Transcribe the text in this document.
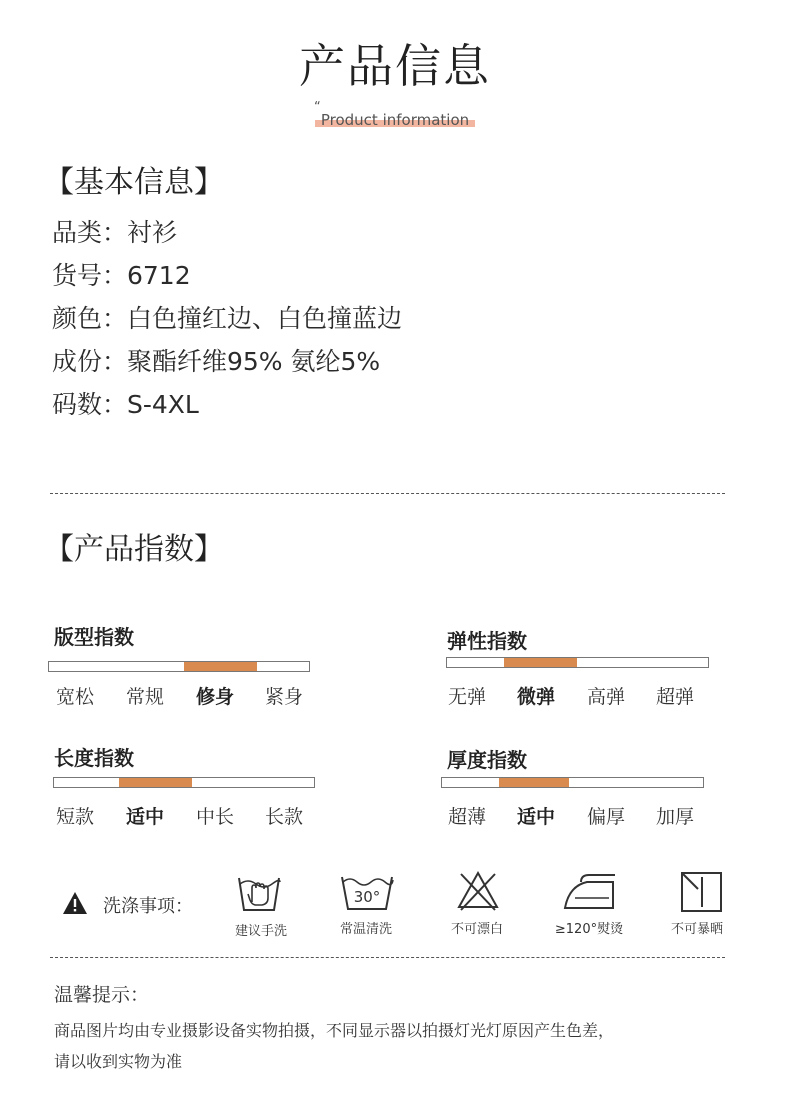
产品信息
“
Product information
【基本信息】
品类：衬衫
货号：6712
颜色：白色撞红边、白色撞蓝边
成份：聚酯纤维95% 氨纶5%
码数：S-4XL
【产品指数】
版型指数
宽松 常规 修身 紧身
弹性指数
无弹 微弹 高弹 超弹
长度指数
短款 适中 中长 长款
厚度指数
超薄 适中 偏厚 加厚
洗涤事项：
建议手洗
30°
常温清洗	不可漂白	≥120°熨烫	不可暴晒
温馨提示：
商品图片均由专业摄影设备实物拍摄，不同显示器以拍摄灯光灯原因产生色差，
请以收到实物为准
